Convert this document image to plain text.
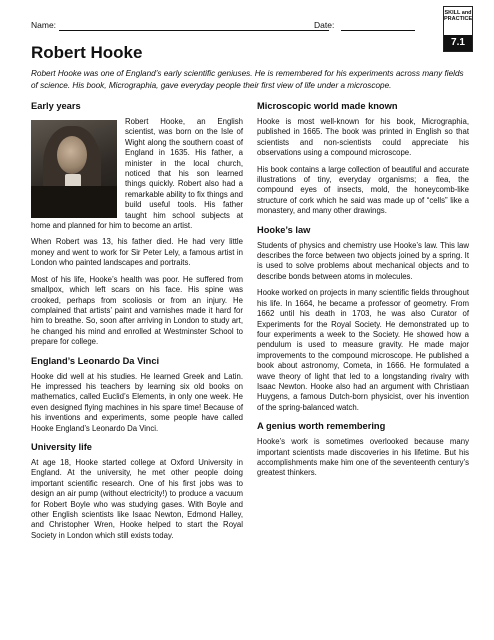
Name:	Date:
SKILL and
PRACTICE
7.1
Robert Hooke

Robert Hooke was one of England’s early scientific geniuses. He is remembered for his experiments across many fields of science. His book, Micrographia, gave everyday people their first view of life under a microscope.

Early years

Robert Hooke, an English scientist, was born on the Isle of Wight along the southern coast of England in 1635. His father, a minister in the local church, noticed that his son learned things quickly. Robert also had a remarkable ability to fix things and build useful tools. His father taught him school subjects at home and planned for him to become an artist.

When Robert was 13, his father died. He had very little money and went to work for Sir Peter Lely, a famous artist in London who painted landscapes and portraits.

Most of his life, Hooke’s health was poor. He suffered from smallpox, which left scars on his face. His spine was crooked, perhaps from scoliosis or from an injury. He complained that artists’ paint and varnishes made it hard for him to breathe. So, soon after arriving in London to study art, he changed his mind and enrolled at Westminster School to prepare for college.

England’s Leonardo Da Vinci

Hooke did well at his studies. He learned Greek and Latin. He impressed his teachers by learning six old books on mathematics, called Euclid’s Elements, in only one week. He even designed flying machines in his spare time! Because of his inventions and experiments, some people have called Hooke England’s Leonardo Da Vinci.

University life

At age 18, Hooke started college at Oxford University in England. At the university, he met other people doing important scientific research. One of his first jobs was to design an air pump (without electricity!) to produce a vacuum for Robert Boyle who was studying gases. With Boyle and other English scientists like Isaac Newton, Edmond Halley, and Christopher Wren, Hooke helped to start the Royal Society in London which still exists today.

Microscopic world made known

Hooke is most well-known for his book, Micrographia, published in 1665. The book was printed in English so that scientists and non-scientists could appreciate his observations using a compound microscope.

His book contains a large collection of beautiful and accurate illustrations of tiny, everyday organisms; a flea, the compound eyes of insects, mold, the honeycomb-like structure of cork which he said was made up of “cells” like a monastery, and many other drawings.

Hooke’s law

Students of physics and chemistry use Hooke’s law. This law describes the force between two objects joined by a spring. It is used to solve problems about mechanical objects and to describe bonds between atoms in molecules.

Hooke worked on projects in many scientific fields throughout his life. In 1664, he became a professor of geometry. From 1662 until his death in 1703, he was also Curator of Experiments for the Royal Society. He demonstrated up to four experiments a week to the Society. He showed how a pendulum is used to measure gravity. He made major improvements to the compound microscope. He published a book about astronomy, Cometa, in 1666. He formulated a wave theory of light that led to a longstanding rivalry with Isaac Newton. Hooke also had an argument with Christiaan Huygens, a famous Dutch-born physicist, over his invention of the spring-balanced watch.

A genius worth remembering

Hooke’s work is sometimes overlooked because many important scientists made discoveries in his lifetime. But his accomplishments make him one of the seventeenth century’s greatest thinkers.
